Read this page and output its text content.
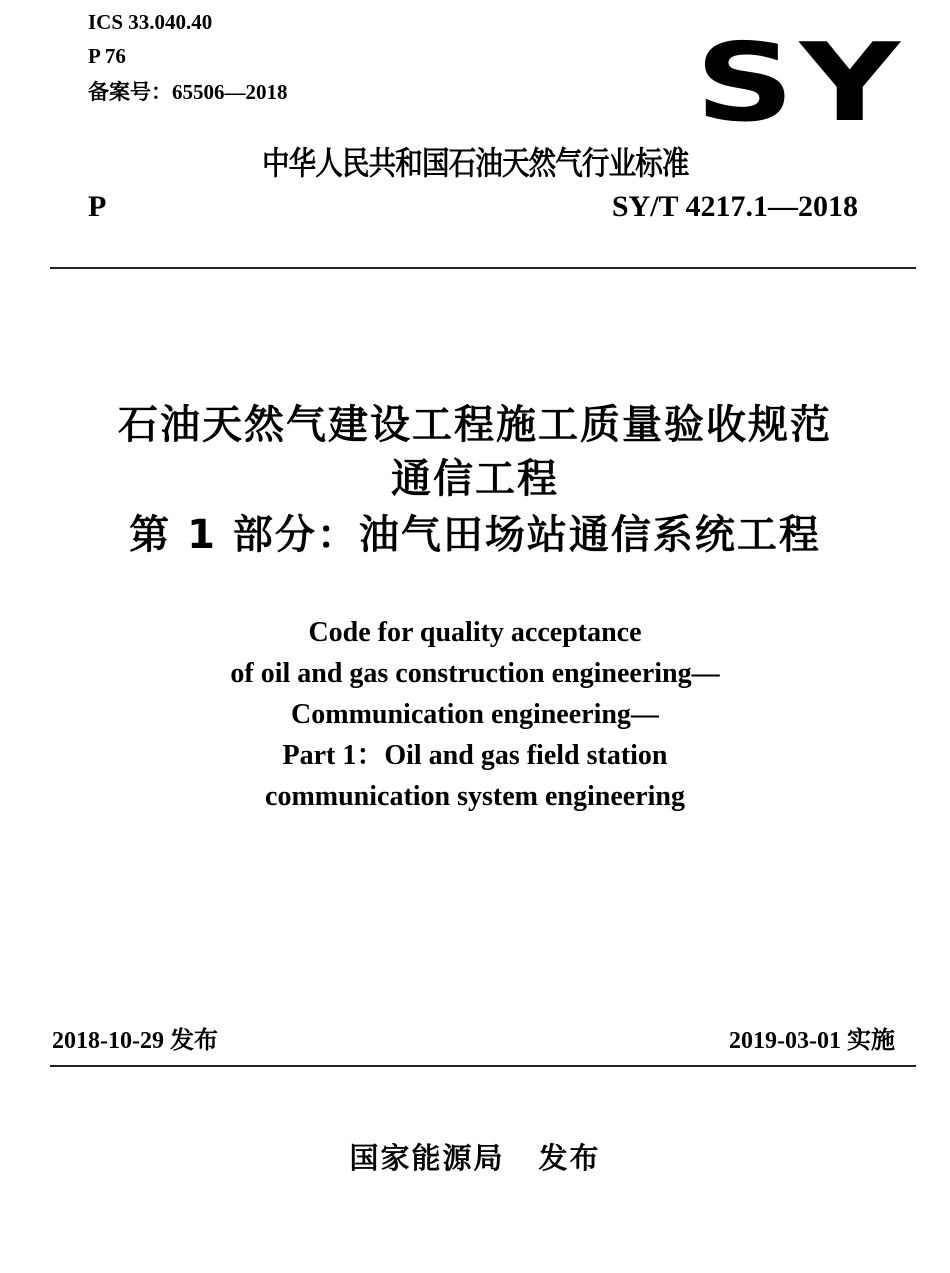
ICS 33.040.40
P 76
备案号：65506—2018	SY
中华人民共和国石油天然气行业标准
P	SY/T 4217.1—2018
石油天然气建设工程施工质量验收规范
通信工程
第 1 部分：油气田场站通信系统工程
Code for quality acceptance
of oil and gas construction engineering—
Communication engineering—
Part 1：Oil and gas field station
communication system engineering
2018-10-29 发布	2019-03-01 实施
国家能源局 发布
